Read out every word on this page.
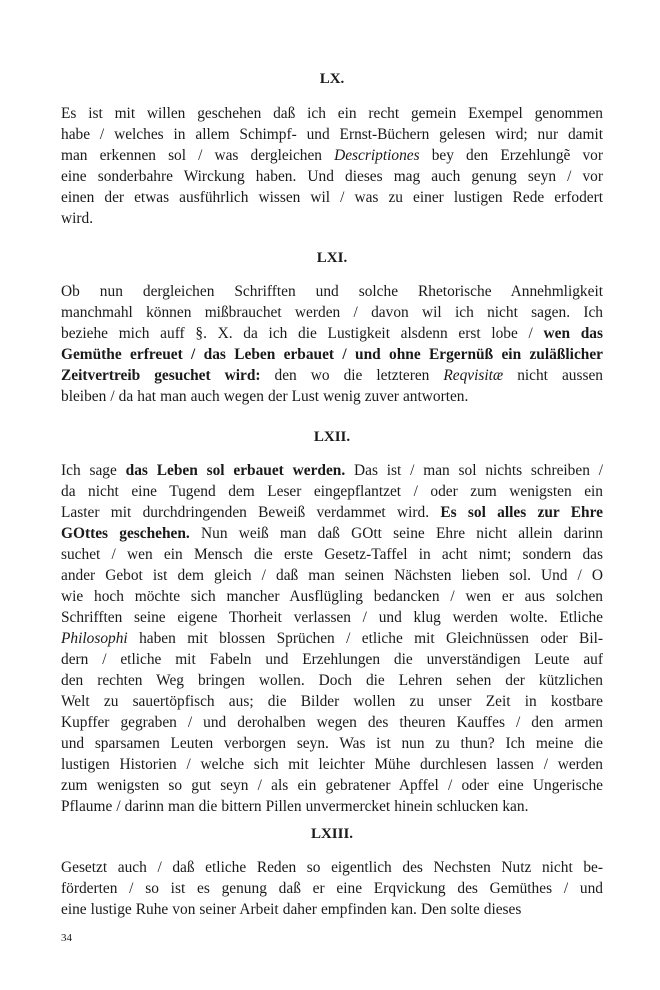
LX.
Es ist mit willen geschehen daß ich ein recht gemein Exempel genommen
habe / welches in allem Schimpf- und Ernst-Büchern gelesen wird; nur damit
man erkennen sol / was dergleichen Descriptiones bey den Erzehlungẽ vor
eine sonderbahre Wirckung haben. Und dieses mag auch genung seyn / vor
einen der etwas ausführlich wissen wil / was zu einer lustigen Rede erfodert
wird.
LXI.
Ob nun dergleichen Schrifften und solche Rhetorische Annehmligkeit
manchmahl können mißbrauchet werden / davon wil ich nicht sagen. Ich
beziehe mich auff §. X. da ich die Lustigkeit alsdenn erst lobe / wen das
Gemüthe erfreuet / das Leben erbauet / und ohne Ergernüß ein zuläßlicher
Zeitvertreib gesuchet wird: den wo die letzteren Reqvisitæ nicht aussen
bleiben / da hat man auch wegen der Lust wenig zuver antworten.
LXII.
Ich sage das Leben sol erbauet werden. Das ist / man sol nichts schreiben /
da nicht eine Tugend dem Leser eingepflantzet / oder zum wenigsten ein
Laster mit durchdringenden Beweiß verdammet wird. Es sol alles zur Ehre
GOttes geschehen. Nun weiß man daß GOtt seine Ehre nicht allein darinn
suchet / wen ein Mensch die erste Gesetz-Taffel in acht nimt; sondern das
ander Gebot ist dem gleich / daß man seinen Nächsten lieben sol. Und / O
wie hoch möchte sich mancher Ausflügling bedancken / wen er aus solchen
Schrifften seine eigene Thorheit verlassen / und klug werden wolte. Etliche
Philosophi haben mit blossen Sprüchen / etliche mit Gleichnüssen oder Bil-
dern / etliche mit Fabeln und Erzehlungen die unverständigen Leute auf
den rechten Weg bringen wollen. Doch die Lehren sehen der kützlichen
Welt zu sauertöpfisch aus; die Bilder wollen zu unser Zeit in kostbare
Kupffer gegraben / und derohalben wegen des theuren Kauffes / den armen
und sparsamen Leuten verborgen seyn. Was ist nun zu thun? Ich meine die
lustigen Historien / welche sich mit leichter Mühe durchlesen lassen / werden
zum wenigsten so gut seyn / als ein gebratener Apffel / oder eine Ungerische
Pflaume / darinn man die bittern Pillen unvermercket hinein schlucken kan.
LXIII.
Gesetzt auch / daß etliche Reden so eigentlich des Nechsten Nutz nicht be-
förderten / so ist es genung daß er eine Erqvickung des Gemüthes / und
eine lustige Ruhe von seiner Arbeit daher empfinden kan. Den solte dieses
34
